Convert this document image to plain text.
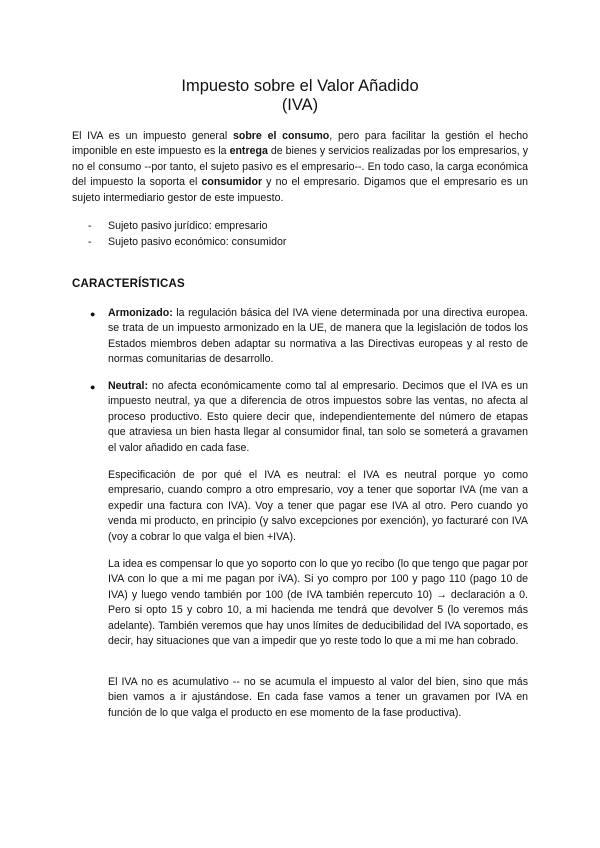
Impuesto sobre el Valor Añadido
(IVA)

El IVA es un impuesto general sobre el consumo, pero para facilitar la gestión el hecho imponible en este impuesto es la entrega de bienes y servicios realizadas por los empresarios, y no el consumo --por tanto, el sujeto pasivo es el empresario--. En todo caso, la carga económica del impuesto la soporta el consumidor y no el empresario. Digamos que el empresario es un sujeto intermediario gestor de este impuesto.

- Sujeto pasivo jurídico: empresario
- Sujeto pasivo económico: consumidor
CARACTERÍSTICAS
● Armonizado: la regulación básica del IVA viene determinada por una directiva europea. se trata de un impuesto armonizado en la UE, de manera que la legislación de todos los Estados miembros deben adaptar su normativa a las Directivas europeas y al resto de normas comunitarias de desarrollo.

● Neutral: no afecta económicamente como tal al empresario. Decimos que el IVA es un impuesto neutral, ya que a diferencia de otros impuestos sobre las ventas, no afecta al proceso productivo. Esto quiere decir que, independientemente del número de etapas que atraviesa un bien hasta llegar al consumidor final, tan solo se someterá a gravamen el valor añadido en cada fase.

Especificación de por qué el IVA es neutral: el IVA es neutral porque yo como empresario, cuando compro a otro empresario, voy a tener que soportar IVA (me van a expedir una factura con IVA). Voy a tener que pagar ese IVA al otro. Pero cuando yo venda mi producto, en principio (y salvo excepciones por exención), yo facturaré con IVA (voy a cobrar lo que valga el bien +IVA).

La idea es compensar lo que yo soporto con lo que yo recibo (lo que tengo que pagar por IVA con lo que a mi me pagan por iVA). Si yo compro por 100 y pago 110 (pago 10 de IVA) y luego vendo también por 100 (de IVA también repercuto 10) → declaración a 0. Pero si opto 15 y cobro 10, a mi hacienda me tendrá que devolver 5 (lo veremos más adelante). También veremos que hay unos límites de deducibilidad del IVA soportado, es decir, hay situaciones que van a impedir que yo reste todo lo que a mi me han cobrado.

El IVA no es acumulativo -- no se acumula el impuesto al valor del bien, sino que más bien vamos a ir ajustándose. En cada fase vamos a tener un gravamen por IVA en función de lo que valga el producto en ese momento de la fase productiva).
